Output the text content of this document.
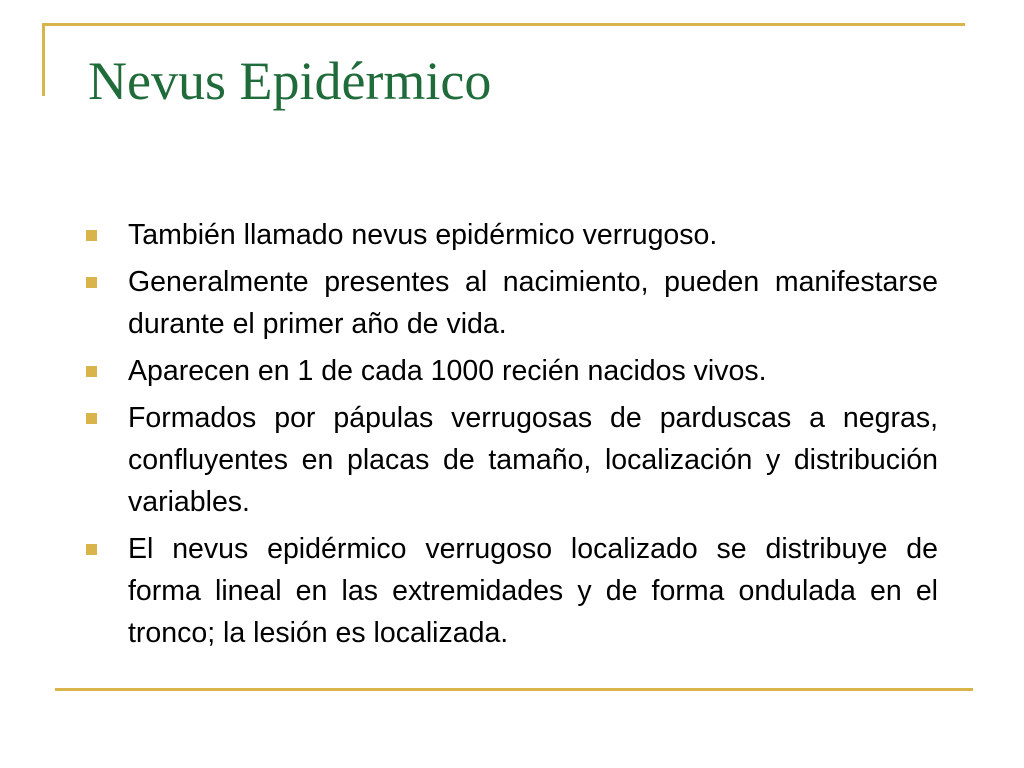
Nevus Epidérmico
También llamado nevus epidérmico verrugoso.
Generalmente presentes al nacimiento, pueden manifestarse durante el primer año de vida.
Aparecen en 1 de cada 1000 recién nacidos vivos.
Formados por pápulas verrugosas de parduscas a negras, confluyentes en placas de tamaño, localización y distribución variables.
El nevus epidérmico verrugoso localizado se distribuye de forma lineal en las extremidades y de forma ondulada en el tronco; la lesión es localizada.
